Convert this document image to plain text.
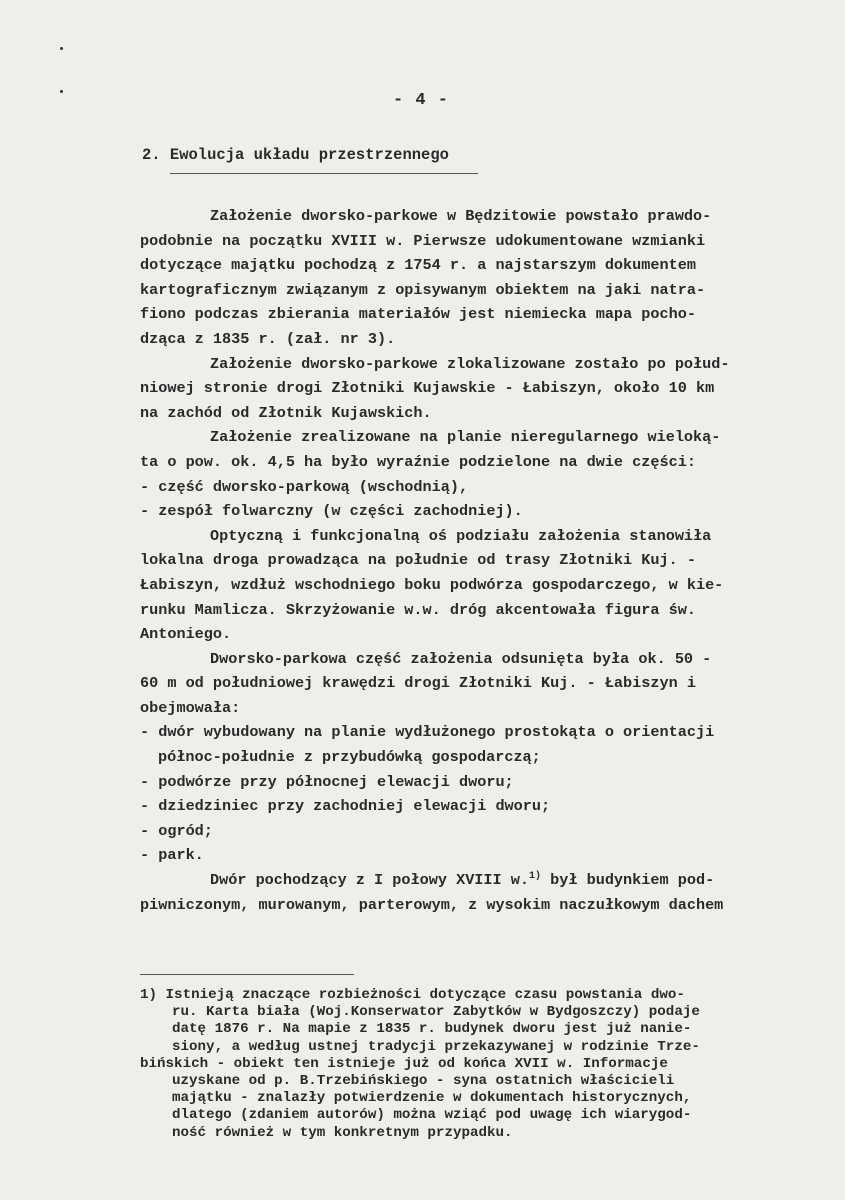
- 4 -
2. Ewolucja układu przestrzennego
Założenie dworsko-parkowe w Będzitowie powstało prawdo-
podobnie na początku XVIII w. Pierwsze udokumentowane wzmianki
dotyczące majątku pochodzą z 1754 r. a najstarszym dokumentem
kartograficznym związanym z opisywanym obiektem na jaki natra-
fiono podczas zbierania materiałów jest niemiecka mapa pocho-
dząca z 1835 r. (zał. nr 3).
Założenie dworsko-parkowe zlokalizowane zostało po połud-
niowej stronie drogi Złotniki Kujawskie - Łabiszyn, około 10 km
na zachód od Złotnik Kujawskich.
Założenie zrealizowane na planie nieregularnego wieloką-
ta o pow. ok. 4,5 ha było wyraźnie podzielone na dwie części:
- część dworsko-parkową (wschodnią),
- zespół folwarczny (w części zachodniej).
Optyczną i funkcjonalną oś podziału założenia stanowiła
lokalna droga prowadząca na południe od trasy Złotniki Kuj. -
Łabiszyn, wzdłuż wschodniego boku podwórza gospodarczego, w kie-
runku Mamlicza. Skrzyżowanie w.w. dróg akcentowała figura św.
Antoniego.
Dworsko-parkowa część założenia odsunięta była ok. 50 -
60 m od południowej krawędzi drogi Złotniki Kuj. - Łabiszyn i
obejmowała:
- dwór wybudowany na planie wydłużonego prostokąta o orientacji
północ-południe z przybudówką gospodarczą;
- podwórze przy północnej elewacji dworu;
- dziedziniec przy zachodniej elewacji dworu;
- ogród;
- park.
Dwór pochodzący z I połowy XVIII w.$^{1)}$ był budynkiem pod-
piwniczonym, murowanym, parterowym, z wysokim naczułkowym dachem
1) Istnieją znaczące rozbieżności dotyczące czasu powstania dwo-
ru. Karta biała (Woj.Konserwator Zabytków w Bydgoszczy) podaje
datę 1876 r. Na mapie z 1835 r. budynek dworu jest już nanie-
siony, a według ustnej tradycji przekazywanej w rodzinie Trze-
bińskich - obiekt ten istnieje już od końca XVII w. Informacje
uzyskane od p. B.Trzebińskiego - syna ostatnich właścicieli
majątku - znalazły potwierdzenie w dokumentach historycznych,
dlatego (zdaniem autorów) można wziąć pod uwagę ich wiarygod-
ność również w tym konkretnym przypadku.
